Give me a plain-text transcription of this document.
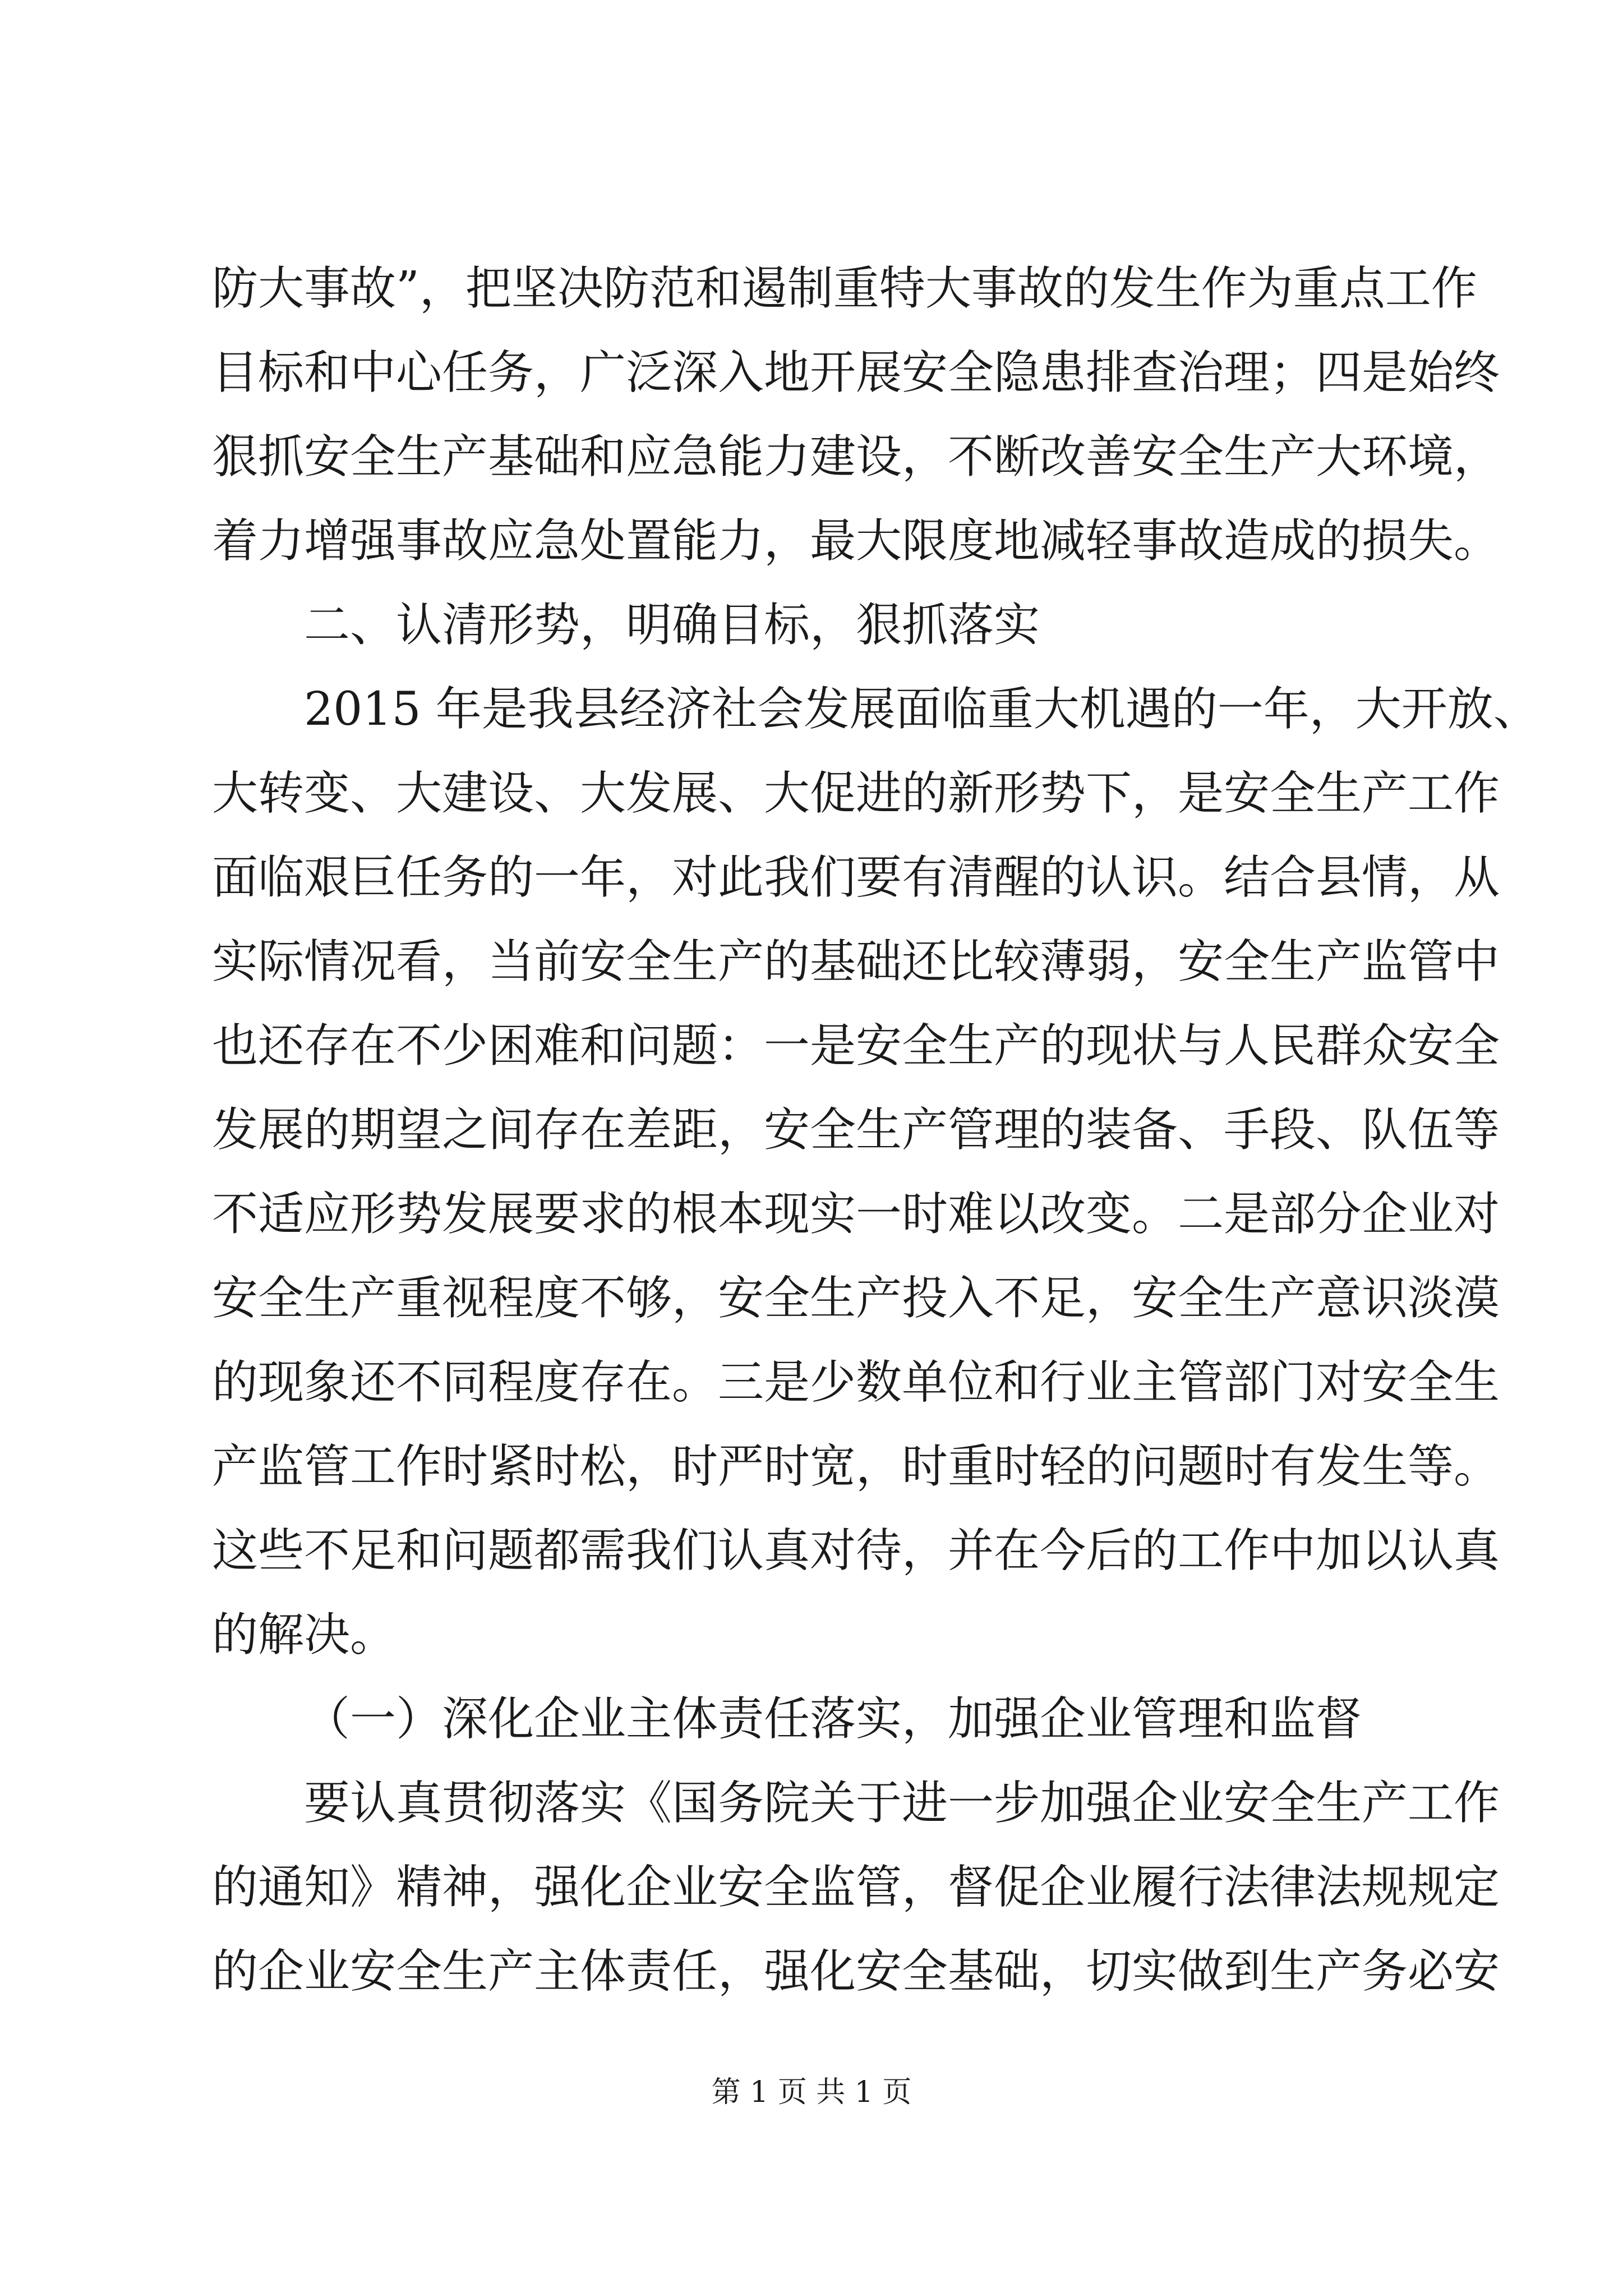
防大事故”，把坚决防范和遏制重特大事故的发生作为重点工作
目标和中心任务，广泛深入地开展安全隐患排查治理；四是始终
狠抓安全生产基础和应急能力建设，不断改善安全生产大环境，
着力增强事故应急处置能力，最大限度地减轻事故造成的损失。
二、认清形势，明确目标，狠抓落实
2015 年是我县经济社会发展面临重大机遇的一年，大开放、
大转变、大建设、大发展、大促进的新形势下，是安全生产工作
面临艰巨任务的一年，对此我们要有清醒的认识。结合县情，从
实际情况看，当前安全生产的基础还比较薄弱，安全生产监管中
也还存在不少困难和问题：一是安全生产的现状与人民群众安全
发展的期望之间存在差距，安全生产管理的装备、手段、队伍等
不适应形势发展要求的根本现实一时难以改变。二是部分企业对
安全生产重视程度不够，安全生产投入不足，安全生产意识淡漠
的现象还不同程度存在。三是少数单位和行业主管部门对安全生
产监管工作时紧时松，时严时宽，时重时轻的问题时有发生等。
这些不足和问题都需我们认真对待，并在今后的工作中加以认真
的解决。
（一）深化企业主体责任落实，加强企业管理和监督
要认真贯彻落实《国务院关于进一步加强企业安全生产工作
的通知》精神，强化企业安全监管，督促企业履行法律法规规定
的企业安全生产主体责任，强化安全基础，切实做到生产务必安
第 1 页 共 1 页
